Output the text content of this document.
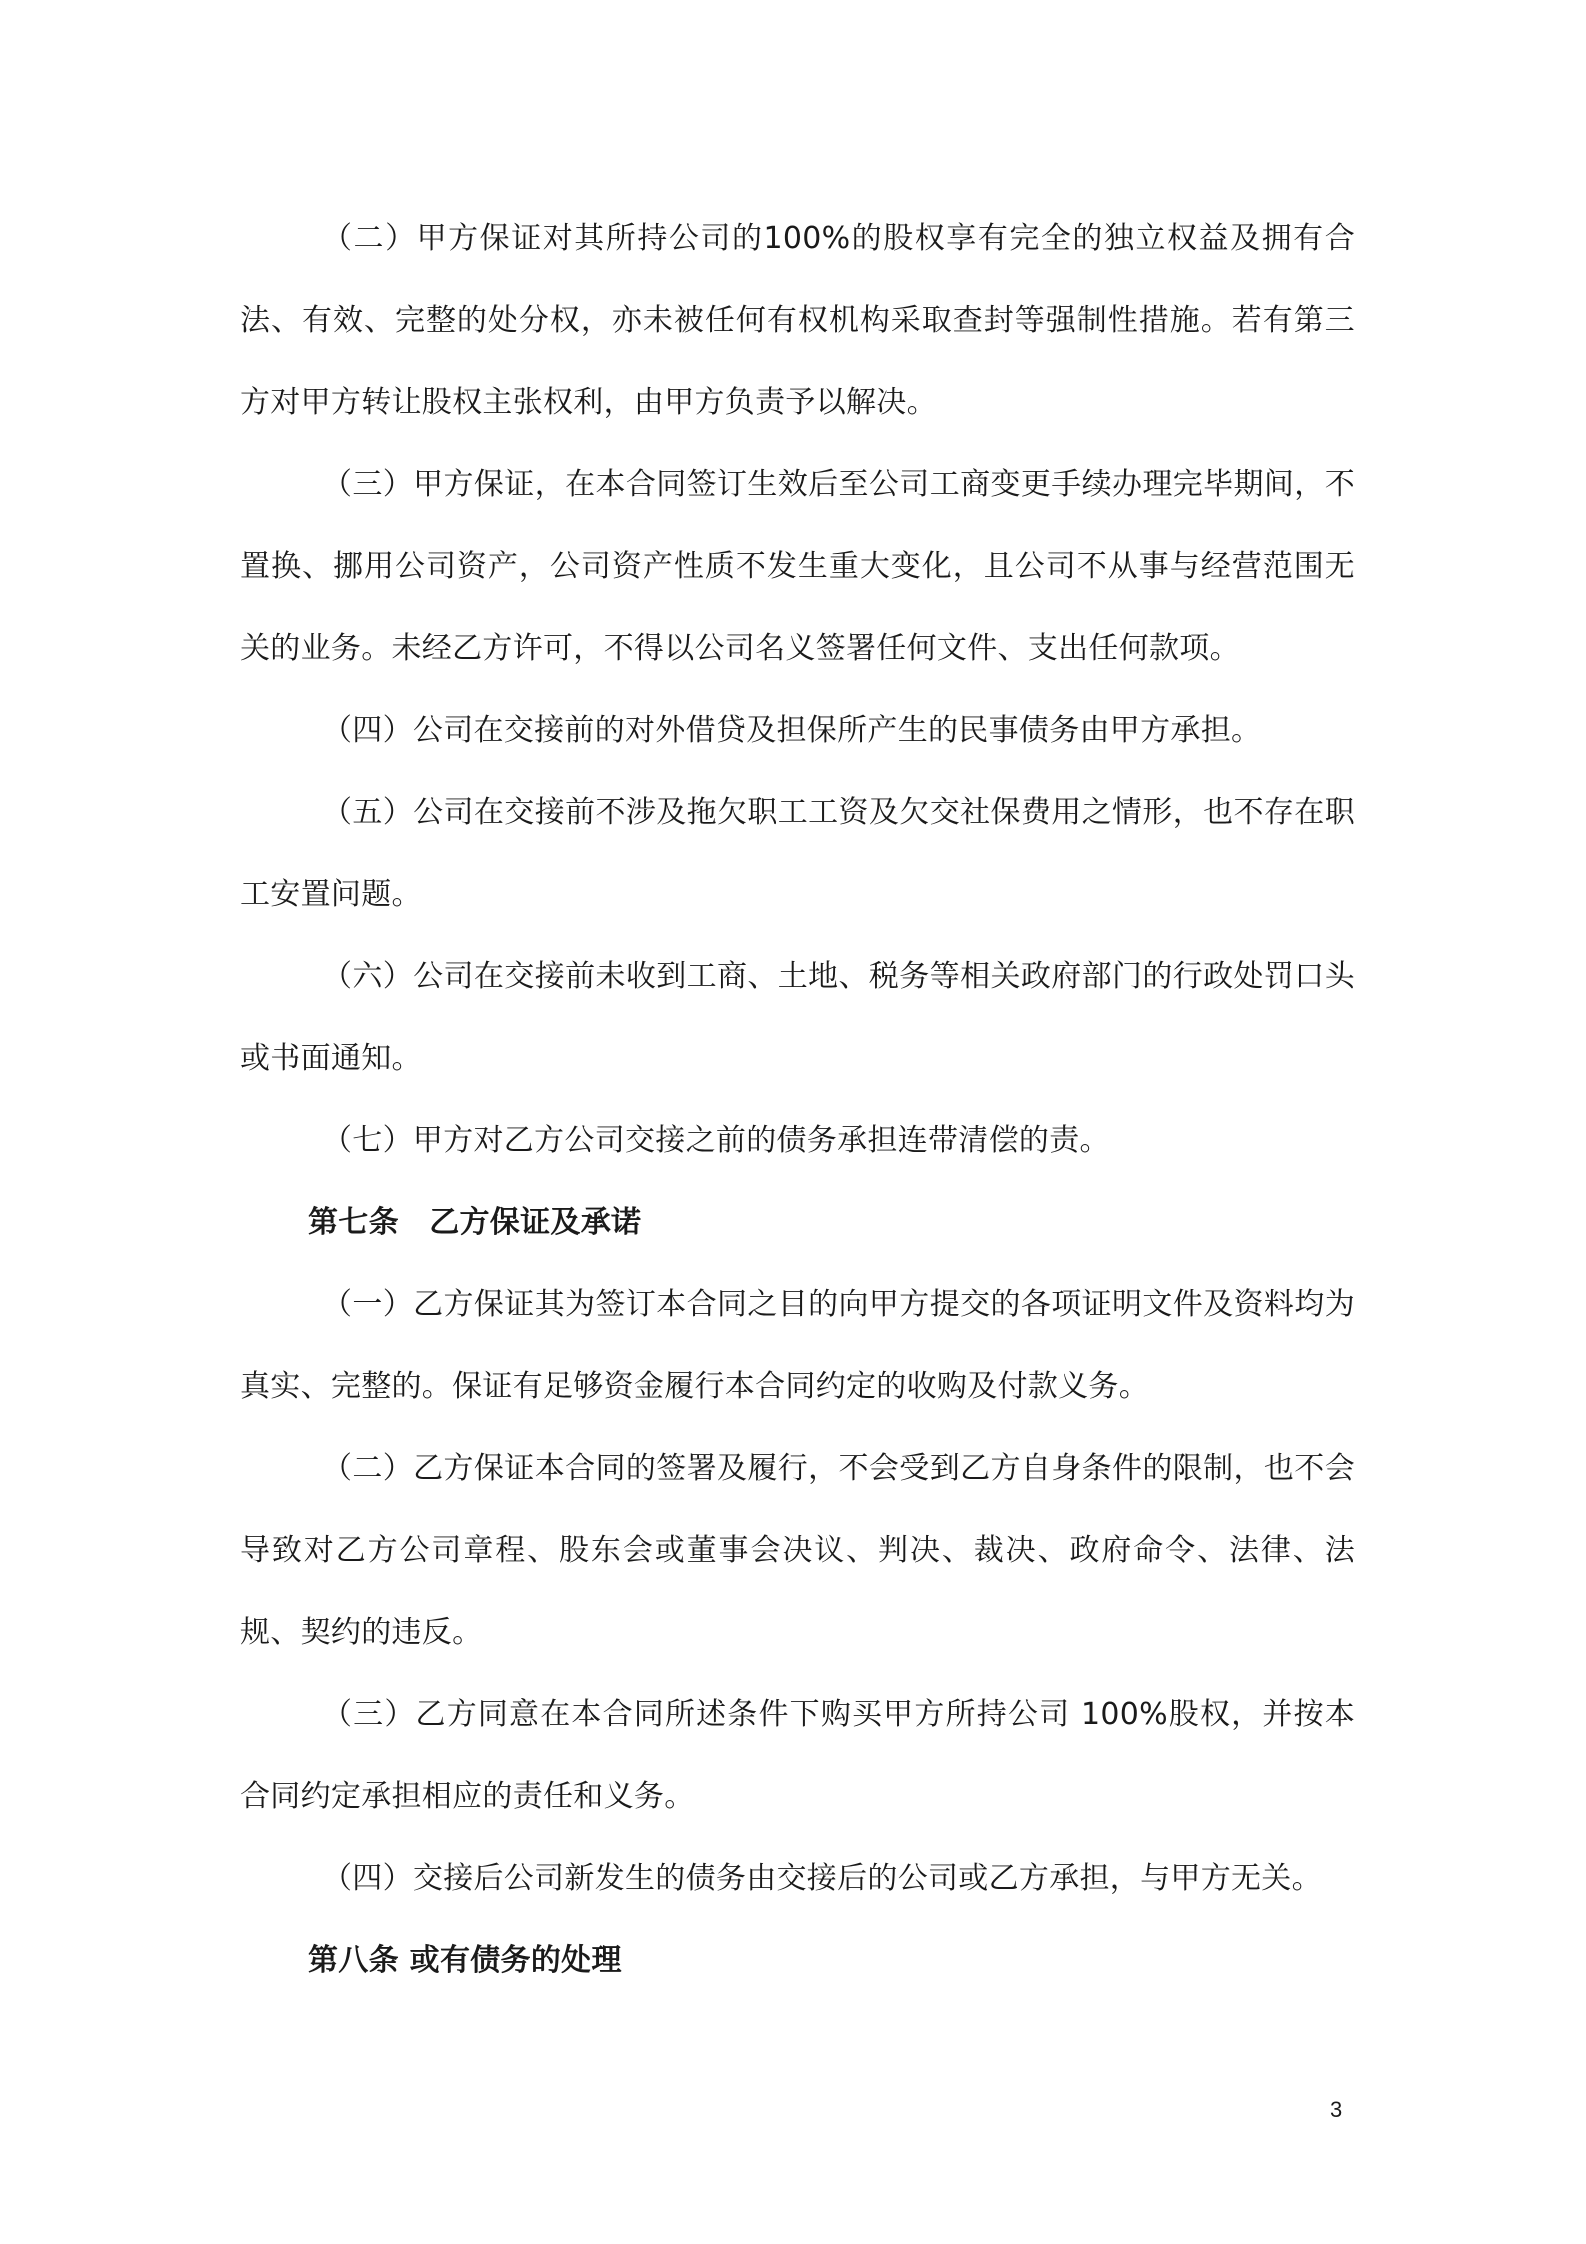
（二）甲方保证对其所持公司的100%的股权享有完全的独立权益及拥有合法、有效、完整的处分权，亦未被任何有权机构采取查封等强制性措施。若有第三方对甲方转让股权主张权利，由甲方负责予以解决。

（三）甲方保证，在本合同签订生效后至公司工商变更手续办理完毕期间，不置换、挪用公司资产，公司资产性质不发生重大变化，且公司不从事与经营范围无关的业务。未经乙方许可，不得以公司名义签署任何文件、支出任何款项。

（四）公司在交接前的对外借贷及担保所产生的民事债务由甲方承担。

（五）公司在交接前不涉及拖欠职工工资及欠交社保费用之情形，也不存在职工安置问题。

（六）公司在交接前未收到工商、土地、税务等相关政府部门的行政处罚口头或书面通知。

（七）甲方对乙方公司交接之前的债务承担连带清偿的责。

第七条　乙方保证及承诺

（一）乙方保证其为签订本合同之目的向甲方提交的各项证明文件及资料均为真实、完整的。保证有足够资金履行本合同约定的收购及付款义务。

（二）乙方保证本合同的签署及履行，不会受到乙方自身条件的限制，也不会导致对乙方公司章程、股东会或董事会决议、判决、裁决、政府命令、法律、法规、契约的违反。

（三）乙方同意在本合同所述条件下购买甲方所持公司 100%股权，并按本合同约定承担相应的责任和义务。

（四）交接后公司新发生的债务由交接后的公司或乙方承担，与甲方无关。

第八条 或有债务的处理

3
